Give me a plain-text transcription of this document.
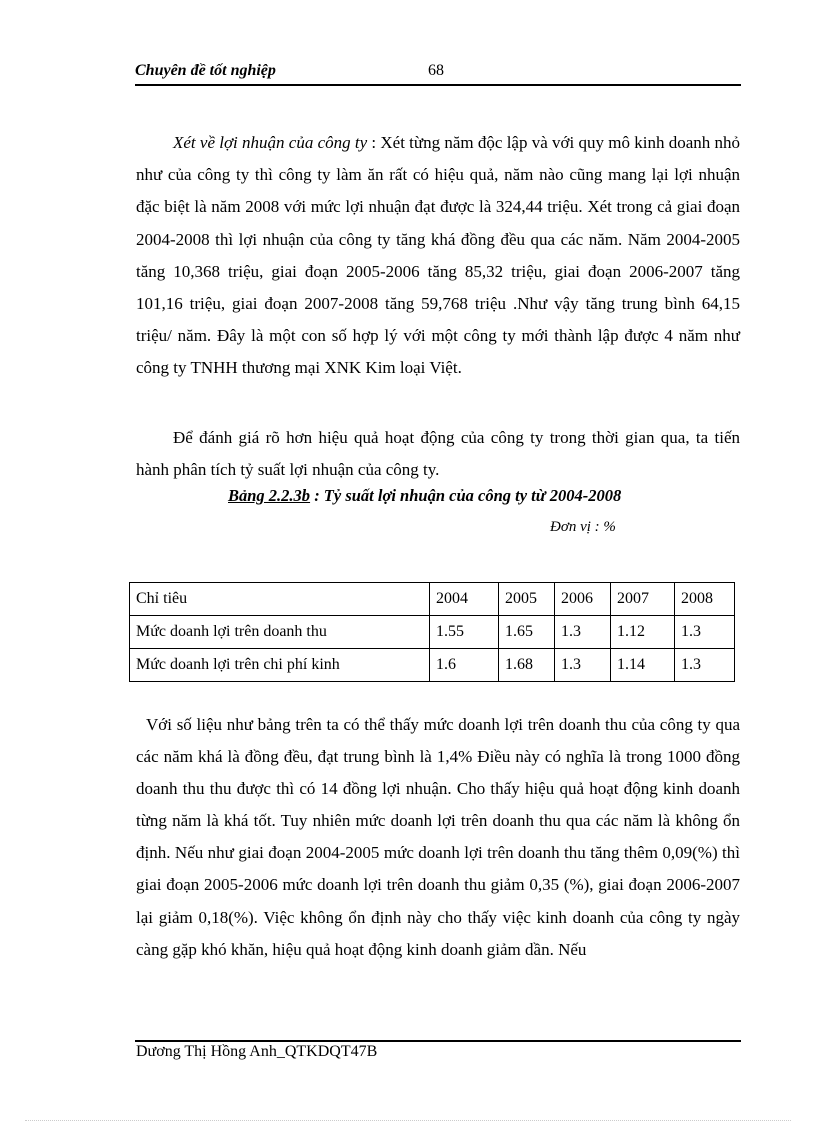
Chuyên đề tốt nghiệp	68

Xét về lợi nhuận của công ty : Xét từng năm độc lập và với quy mô kinh doanh nhỏ như của công ty thì công ty làm ăn rất có hiệu quả, năm nào cũng mang lại lợi nhuận đặc biệt là năm 2008 với mức lợi nhuận đạt được là 324,44 triệu. Xét trong cả giai đoạn 2004-2008 thì lợi nhuận của công ty tăng khá đồng đều qua các năm. Năm 2004-2005 tăng 10,368 triệu, giai đoạn 2005-2006 tăng 85,32 triệu, giai đoạn 2006-2007 tăng 101,16 triệu, giai đoạn 2007-2008 tăng 59,768 triệu .Như vậy tăng trung bình 64,15 triệu/ năm. Đây là một con số hợp lý với một công ty mới thành lập được 4 năm như công ty TNHH thương mại XNK Kim loại Việt.

Để đánh giá rõ hơn hiệu quả hoạt động của công ty trong thời gian qua, ta tiến hành phân tích tỷ suất lợi nhuận của công ty.

Bảng 2.2.3b : Tỷ suất lợi nhuận của công ty từ 2004-2008
Đơn vị : %
Chỉ tiêu	2004	2005	2006	2007	2008
Mức doanh lợi trên doanh thu	1.55	1.65	1.3	1.12	1.3
Mức doanh lợi trên chi phí kinh	1.6	1.68	1.3	1.14	1.3

Với số liệu như bảng trên ta có thể thấy mức doanh lợi trên doanh thu của công ty qua các năm khá là đồng đều, đạt trung bình là 1,4% Điều này có nghĩa là trong 1000 đồng doanh thu thu được thì có 14 đồng lợi nhuận. Cho thấy hiệu quả hoạt động kinh doanh từng năm là khá tốt. Tuy nhiên mức doanh lợi trên doanh thu qua các năm là không ổn định. Nếu như giai đoạn 2004-2005 mức doanh lợi trên doanh thu tăng thêm 0,09(%) thì giai đoạn 2005-2006 mức doanh lợi trên doanh thu giảm 0,35 (%), giai đoạn 2006-2007 lại giảm 0,18(%). Việc không ổn định này cho thấy việc kinh doanh của công ty ngày càng gặp khó khăn, hiệu quả hoạt động kinh doanh giảm dần. Nếu

Dương Thị Hồng Anh_QTKDQT47B
